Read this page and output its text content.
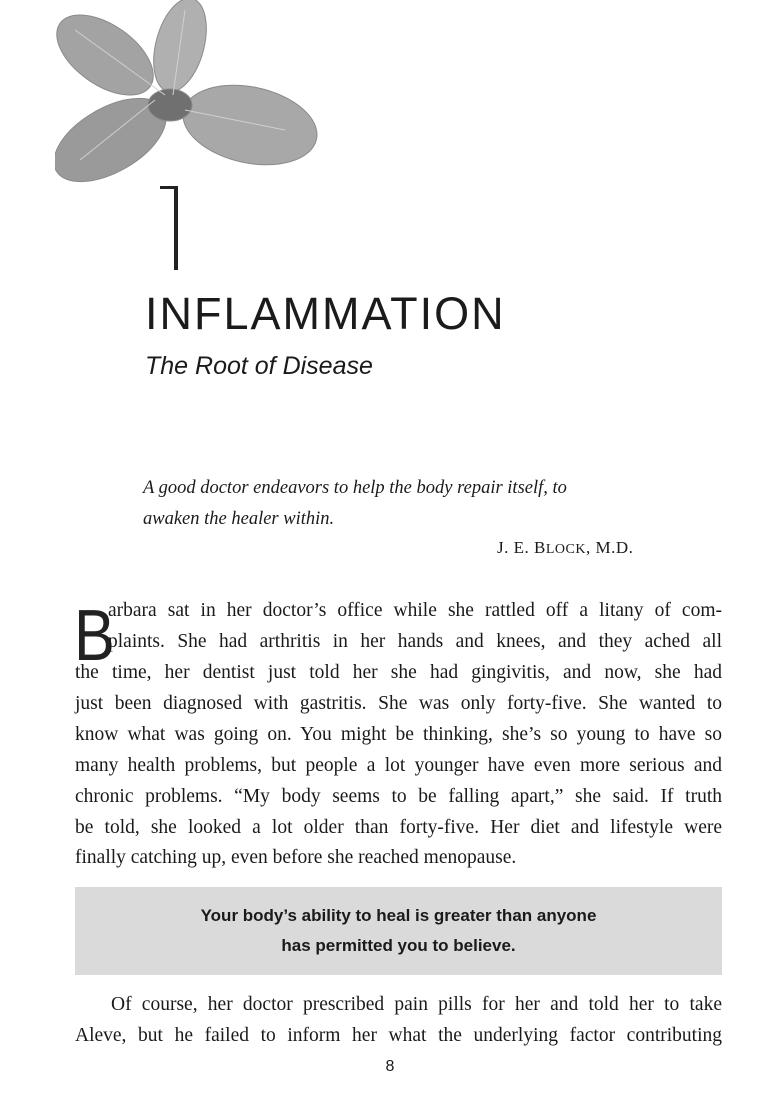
INFLAMMATION
The Root of Disease
A good doctor endeavors to help the body repair itself, to
awaken the healer within.
J. E. BLOCK, M.D.
B
arbara sat in her doctor’s office while she rattled off a litany of com-
plaints. She had arthritis in her hands and knees, and they ached all
the time, her dentist just told her she had gingivitis, and now, she had
just been diagnosed with gastritis. She was only forty-five. She wanted to
know what was going on. You might be thinking, she’s so young to have so
many health problems, but people a lot younger have even more serious and
chronic problems. “My body seems to be falling apart,” she said. If truth
be told, she looked a lot older than forty-five. Her diet and lifestyle were
finally catching up, even before she reached menopause.
Your body’s ability to heal is greater than anyone
has permitted you to believe.
Of course, her doctor prescribed pain pills for her and told her to take
Aleve, but he failed to inform her what the underlying factor contributing
8
